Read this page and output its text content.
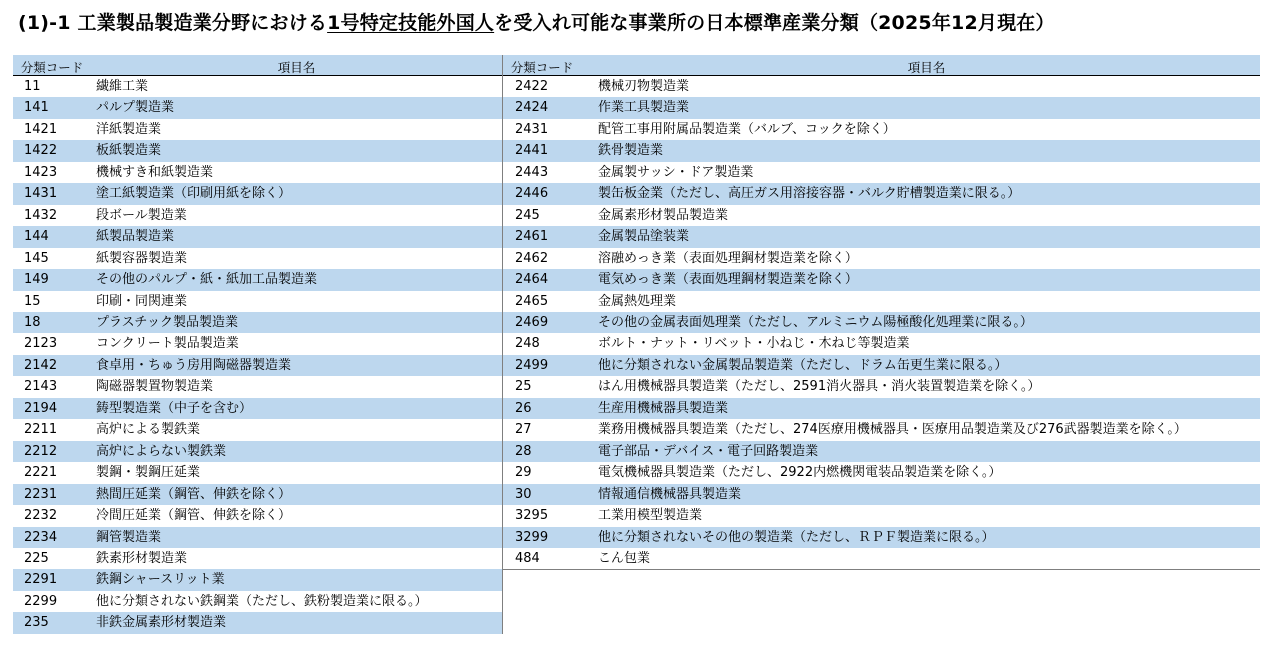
(1)-1 工業製品製造業分野における1号特定技能外国人を受入れ可能な事業所の日本標準産業分類（2025年12月現在）
分類コード	項目名
11	繊維工業
141	パルプ製造業
1421	洋紙製造業
1422	板紙製造業
1423	機械すき和紙製造業
1431	塗工紙製造業（印刷用紙を除く）
1432	段ボール製造業
144	紙製品製造業
145	紙製容器製造業
149	その他のパルプ・紙・紙加工品製造業
15	印刷・同関連業
18	プラスチック製品製造業
2123	コンクリート製品製造業
2142	食卓用・ちゅう房用陶磁器製造業
2143	陶磁器製置物製造業
2194	鋳型製造業（中子を含む）
2211	高炉による製鉄業
2212	高炉によらない製鉄業
2221	製鋼・製鋼圧延業
2231	熱間圧延業（鋼管、伸鉄を除く）
2232	冷間圧延業（鋼管、伸鉄を除く）
2234	鋼管製造業
225	鉄素形材製造業
2291	鉄鋼シャースリット業
2299	他に分類されない鉄鋼業（ただし、鉄粉製造業に限る。）
235	非鉄金属素形材製造業
分類コード	項目名
2422	機械刃物製造業
2424	作業工具製造業
2431	配管工事用附属品製造業（バルブ、コックを除く）
2441	鉄骨製造業
2443	金属製サッシ・ドア製造業
2446	製缶板金業（ただし、高圧ガス用溶接容器・バルク貯槽製造業に限る。）
245	金属素形材製品製造業
2461	金属製品塗装業
2462	溶融めっき業（表面処理鋼材製造業を除く）
2464	電気めっき業（表面処理鋼材製造業を除く）
2465	金属熱処理業
2469	その他の金属表面処理業（ただし、アルミニウム陽極酸化処理業に限る。）
248	ボルト・ナット・リベット・小ねじ・木ねじ等製造業
2499	他に分類されない金属製品製造業（ただし、ドラム缶更生業に限る。）
25	はん用機械器具製造業（ただし、2591消火器具・消火装置製造業を除く。）
26	生産用機械器具製造業
27	業務用機械器具製造業（ただし、274医療用機械器具・医療用品製造業及び276武器製造業を除く。）
28	電子部品・デバイス・電子回路製造業
29	電気機械器具製造業（ただし、2922内燃機関電装品製造業を除く。）
30	情報通信機械器具製造業
3295	工業用模型製造業
3299	他に分類されないその他の製造業（ただし、ＲＰＦ製造業に限る。）
484	こん包業
